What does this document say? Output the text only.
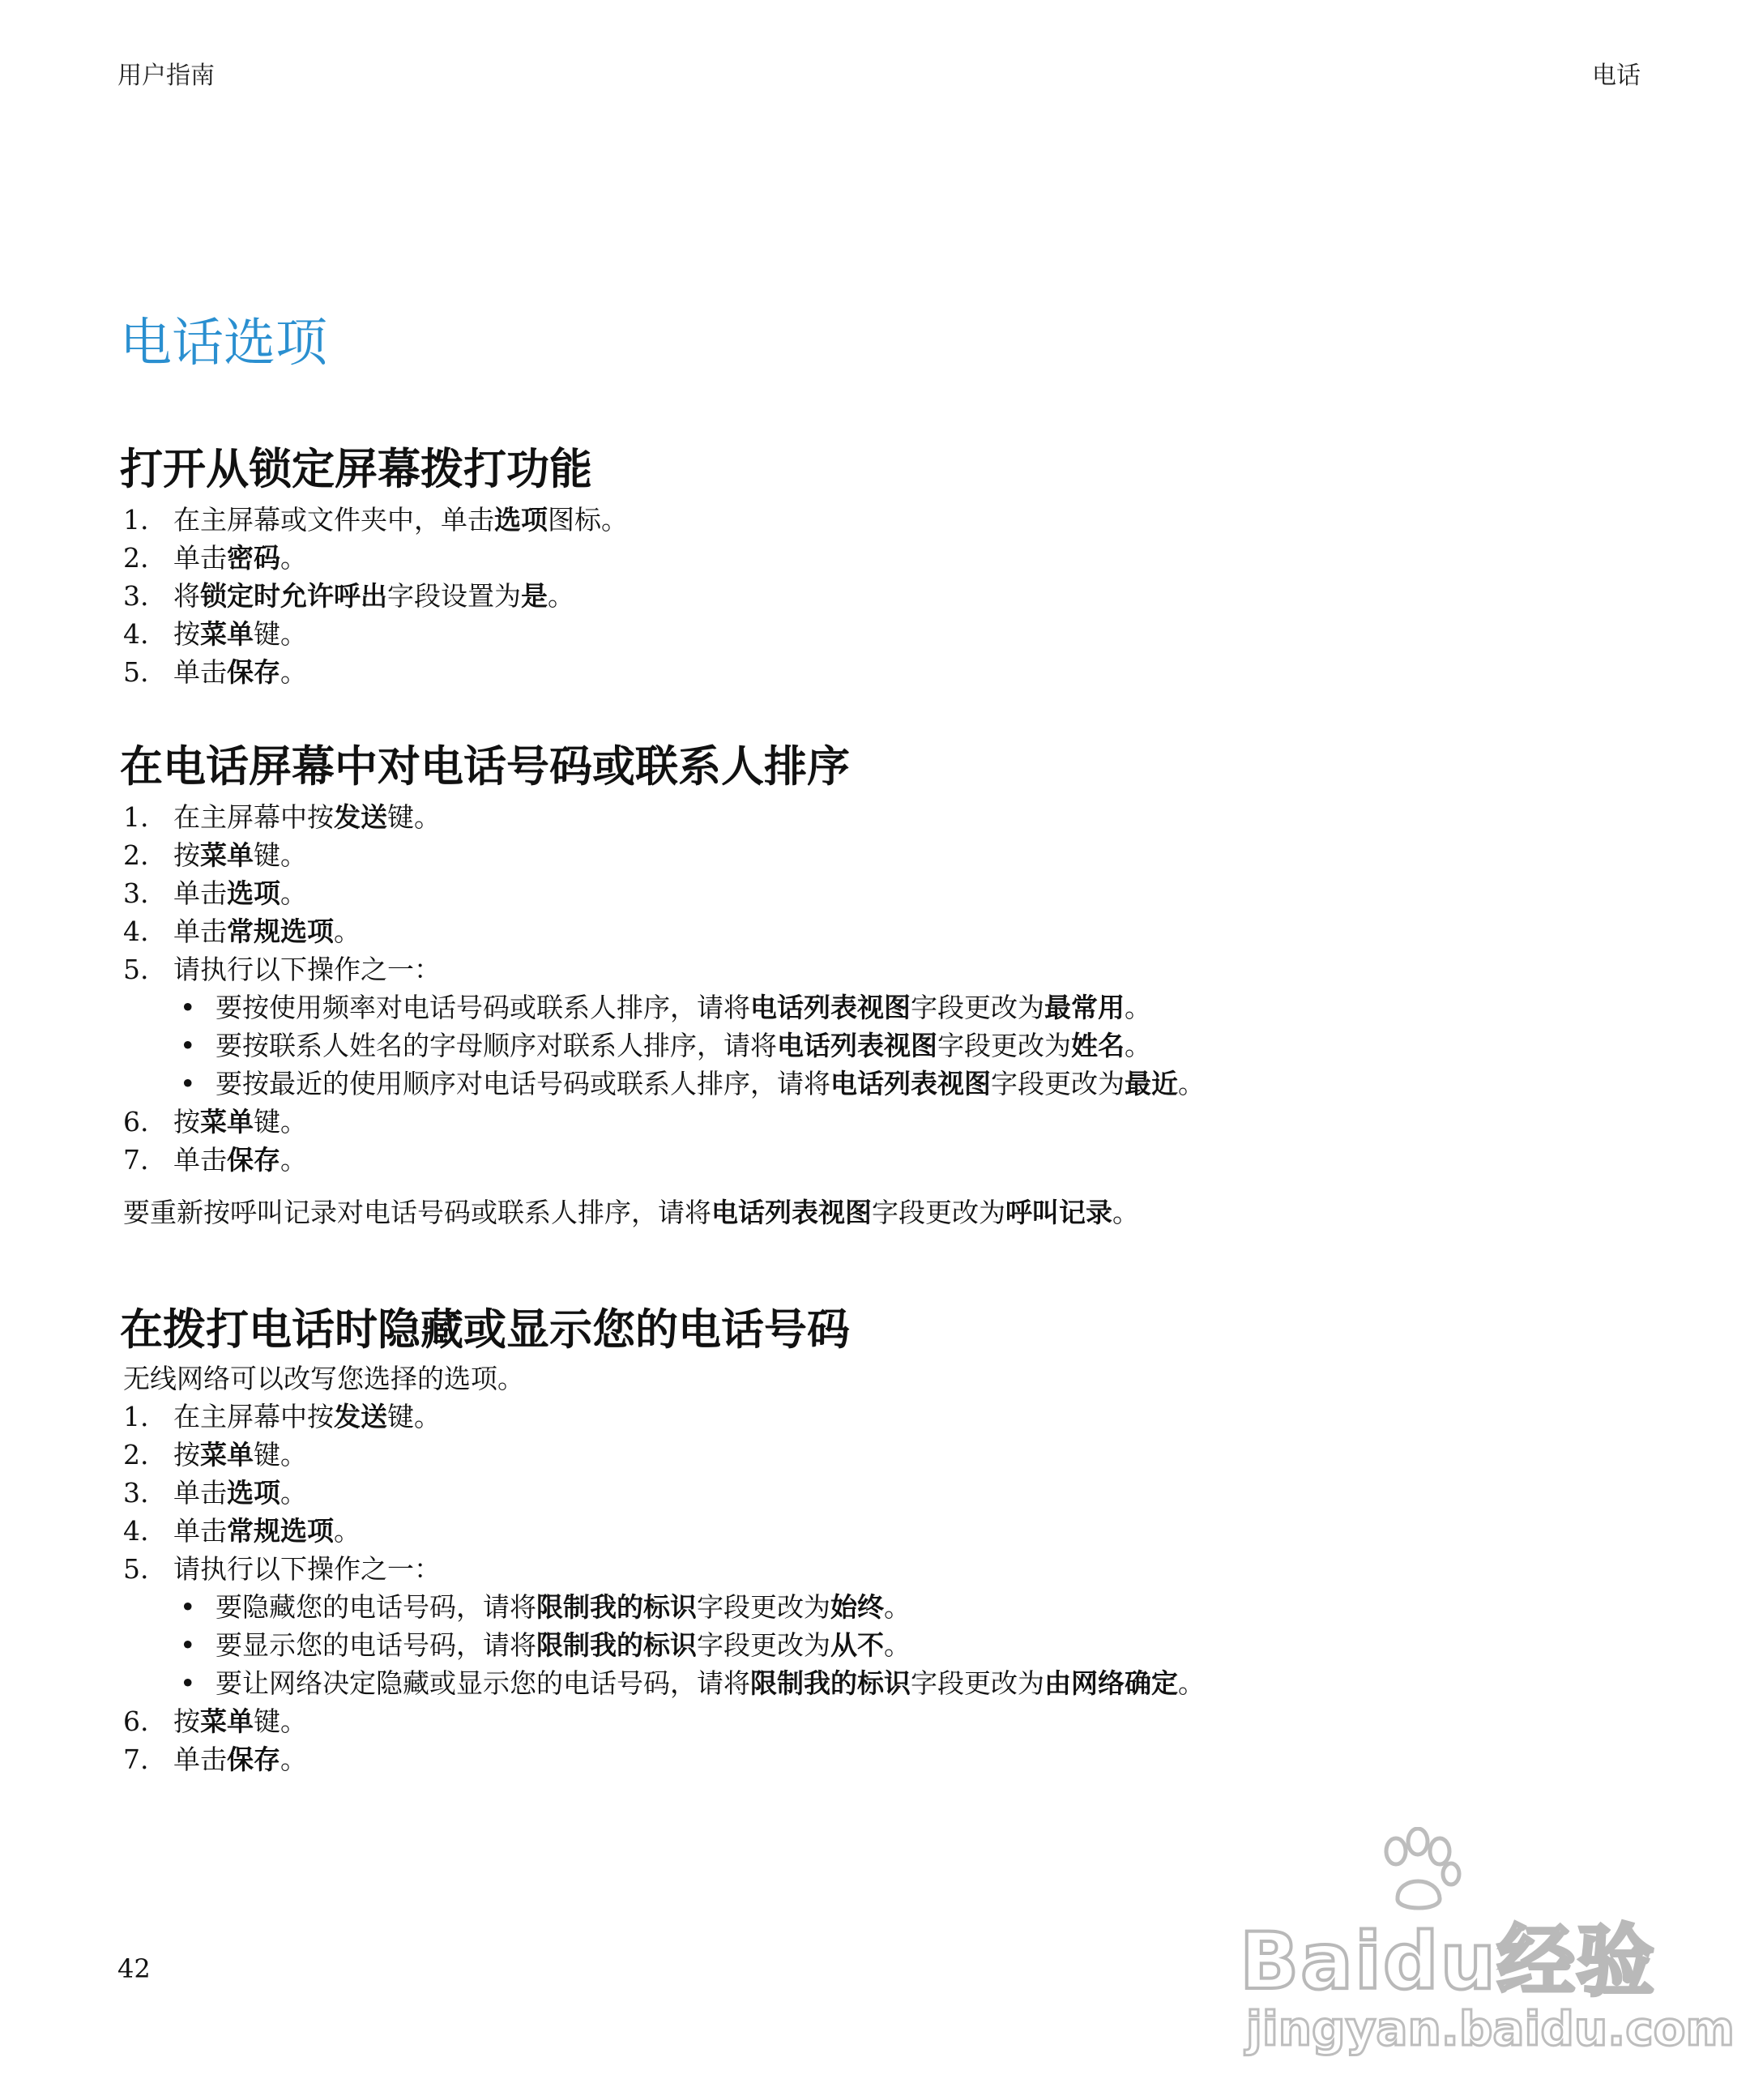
用户指南	电话
电话选项
打开从锁定屏幕拨打功能
1. 在主屏幕或文件夹中，单击选项图标。
2. 单击密码。
3. 将锁定时允许呼出字段设置为是。
4. 按菜单键。
5. 单击保存。
在电话屏幕中对电话号码或联系人排序
1. 在主屏幕中按发送键。
2. 按菜单键。
3. 单击选项。
4. 单击常规选项。
5. 请执行以下操作之一：
• 要按使用频率对电话号码或联系人排序，请将电话列表视图字段更改为最常用。
• 要按联系人姓名的字母顺序对联系人排序，请将电话列表视图字段更改为姓名。
• 要按最近的使用顺序对电话号码或联系人排序，请将电话列表视图字段更改为最近。
6. 按菜单键。
7. 单击保存。

要重新按呼叫记录对电话号码或联系人排序，请将电话列表视图字段更改为呼叫记录。

在拨打电话时隐藏或显示您的电话号码
无线网络可以改写您选择的选项。
1. 在主屏幕中按发送键。
2. 按菜单键。
3. 单击选项。
4. 单击常规选项。
5. 请执行以下操作之一：
• 要隐藏您的电话号码，请将限制我的标识字段更改为始终。
• 要显示您的电话号码，请将限制我的标识字段更改为从不。
• 要让网络决定隐藏或显示您的电话号码，请将限制我的标识字段更改为由网络确定。
6. 按菜单键。
7. 单击保存。
42	Baidu经验
jingyan.baidu.com
